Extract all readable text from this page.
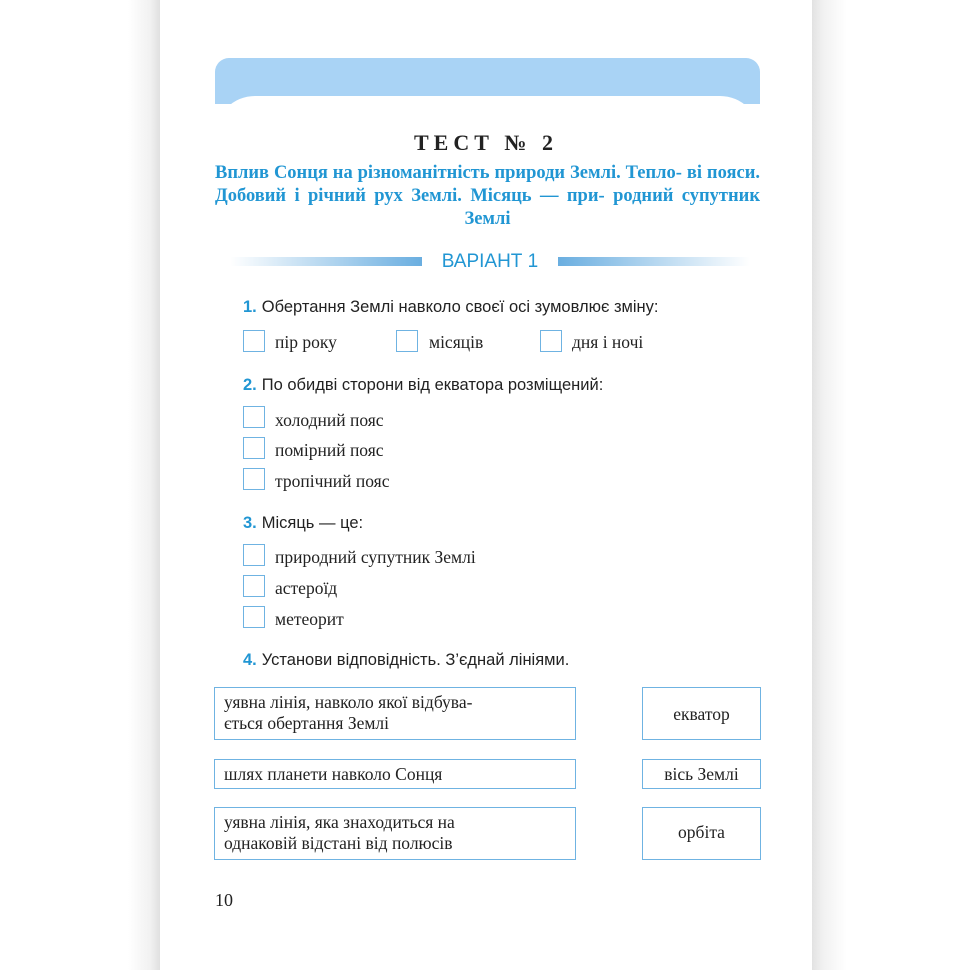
ТЕСТ № 2
Вплив Сонця на різноманітність природи Землі. Тепло- ві пояси. Добовий і річний рух Землі. Місяць — при- родний супутник Землі
ВАРІАНТ 1
1. Обертання Землі навколо своєї осі зумовлює зміну:
пір року	місяців	дня і ночі
2. По обидві сторони від екватора розміщений:
холодний пояс
помірний пояс
тропічний пояс
3. Місяць — це:
природний супутник Землі
астероїд
метеорит
4. Установи відповідність. З’єднай лініями.
уявна лінія, навколо якої відбува-
ється обертання Землі
шлях планети навколо Сонця
уявна лінія, яка знаходиться на
однаковій відстані від полюсів
екватор
вісь Землі
орбіта
10
